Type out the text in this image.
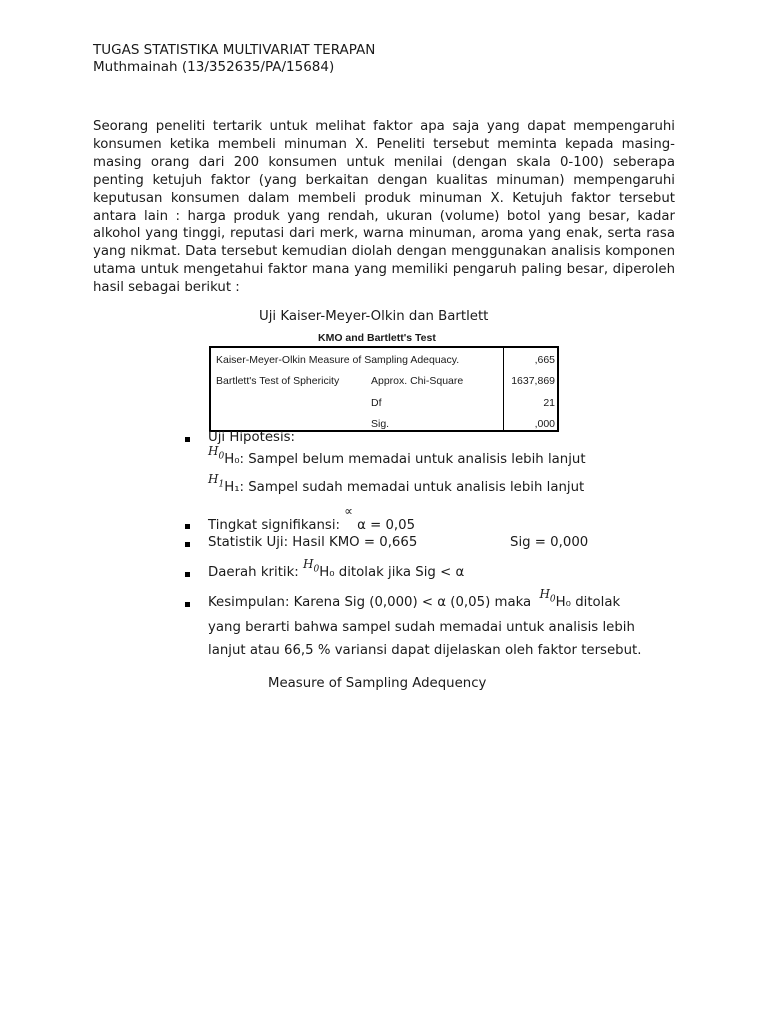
TUGAS STATISTIKA MULTIVARIAT TERAPAN
Muthmainah (13/352635/PA/15684)
Seorang peneliti tertarik untuk melihat faktor apa saja yang dapat mempengaruhi konsumen ketika membeli minuman X. Peneliti tersebut meminta kepada masing-masing orang dari 200 konsumen untuk menilai (dengan skala 0-100) seberapa penting ketujuh faktor (yang berkaitan dengan kualitas minuman) mempengaruhi keputusan konsumen dalam membeli produk minuman X. Ketujuh faktor tersebut antara lain : harga produk yang rendah, ukuran (volume) botol yang besar, kadar alkohol yang tinggi, reputasi dari merk, warna minuman, aroma yang enak, serta rasa yang nikmat. Data tersebut kemudian diolah dengan menggunakan analisis komponen utama untuk mengetahui faktor mana yang memiliki pengaruh paling besar, diperoleh hasil sebagai berikut :
Uji Kaiser-Meyer-Olkin dan Bartlett
KMO and Bartlett's Test
Kaiser-Meyer-Olkin Measure of Sampling Adequacy.	,665
Bartlett's Test of Sphericity	Approx. Chi-Square	1637,869
Df	21
Sig.	,000
Uji Hipotesis:
$H_0H_0$: Sampel belum memadai untuk analisis lebih lanjut
$H_1H_1$: Sampel sudah memadai untuk analisis lebih lanjut
Tingkat signifikansi: ∝ α = 0,05
Statistik Uji: Hasil KMO = 0,665	Sig = 0,000
Daerah kritik: $H_0H_0$ ditolak jika Sig < α
Kesimpulan: Karena Sig (0,000) < α (0,05) maka $H_0H_0$ ditolak
yang berarti bahwa sampel sudah memadai untuk analisis lebih
lanjut atau 66,5 % variansi dapat dijelaskan oleh faktor tersebut.
Measure of Sampling Adequency
